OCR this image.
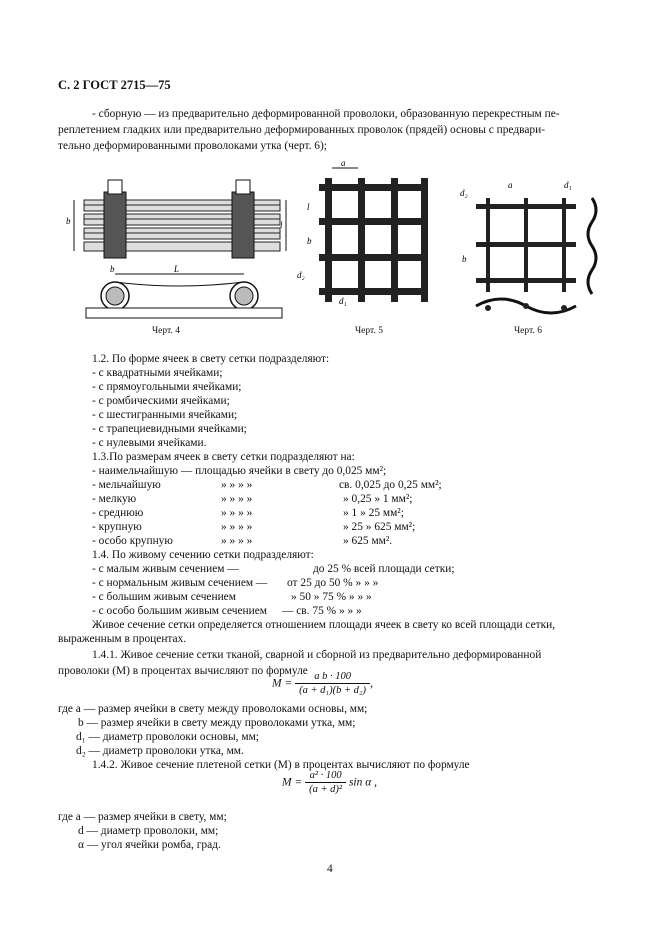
С. 2 ГОСТ 2715—75
- сборную — из предварительно деформированной проволоки, образованную перекрестным пе-
реплетением гладких или предварительно деформированных проволок (прядей) основы с предвари-
тельно деформированными проволоками утка (черт. 6);
b	l
L
b
Черт. 4
a
l
b
d₂
d₁
Черт. 5
a	d₁
d₂
b
Черт. 6
1.2. По форме ячеек в свету сетки подразделяют:
- с квадратными ячейками;
- с прямоугольными ячейками;
- с ромбическими ячейками;
- с шестигранными ячейками;
- с трапециевидными ячейками;
- с нулевыми ячейками.
1.3.По размерам ячеек в свету сетки подразделяют на:
- наимельчайшую — площадью ячейки в свету до 0,025 мм²;
- мельчайшую	» » » »	св. 0,025 до 0,25 мм²;
- мелкую	» » » »	» 0,25 » 1 мм²;
- среднюю	» » » »	» 1 » 25 мм²;
- крупную	» » » »	» 25 » 625 мм²;
- особо крупную	» » » »	» 625 мм².
1.4. По живому сечению сетки подразделяют:
- с малым живым сечением —	до 25 % всей площади сетки;
- с нормальным живым сечением — от 25 до 50 % » » »
- с большим живым сечением	» 50 » 75 % » » »
- с особо большим живым сечением — св. 75 % » » »
Живое сечение сетки определяется отношением площади ячеек в свету ко всей площади сетки,
выраженным в процентах.
1.4.1. Живое сечение сетки тканой, сварной и сборной из предварительно деформированной
проволоки (M) в процентах вычисляют по формуле
$M = \frac{\text{a b · 100}}{\text{(a + d₁)(b + d₂)}}$ ,
где a — размер ячейки в свету между проволоками основы, мм;
b — размер ячейки в свету между проволоками утка, мм;
d₁ — диаметр проволоки основы, мм;
d₂ — диаметр проволоки утка, мм.
1.4.2. Живое сечение плетеной сетки (M) в процентах вычисляют по формуле
$M = \frac{\text{a² · 100}}{\text{(a + d)²}}$ sin α ,
где a — размер ячейки в свету, мм;
d — диаметр проволоки, мм;
α — угол ячейки ромба, град.
4
